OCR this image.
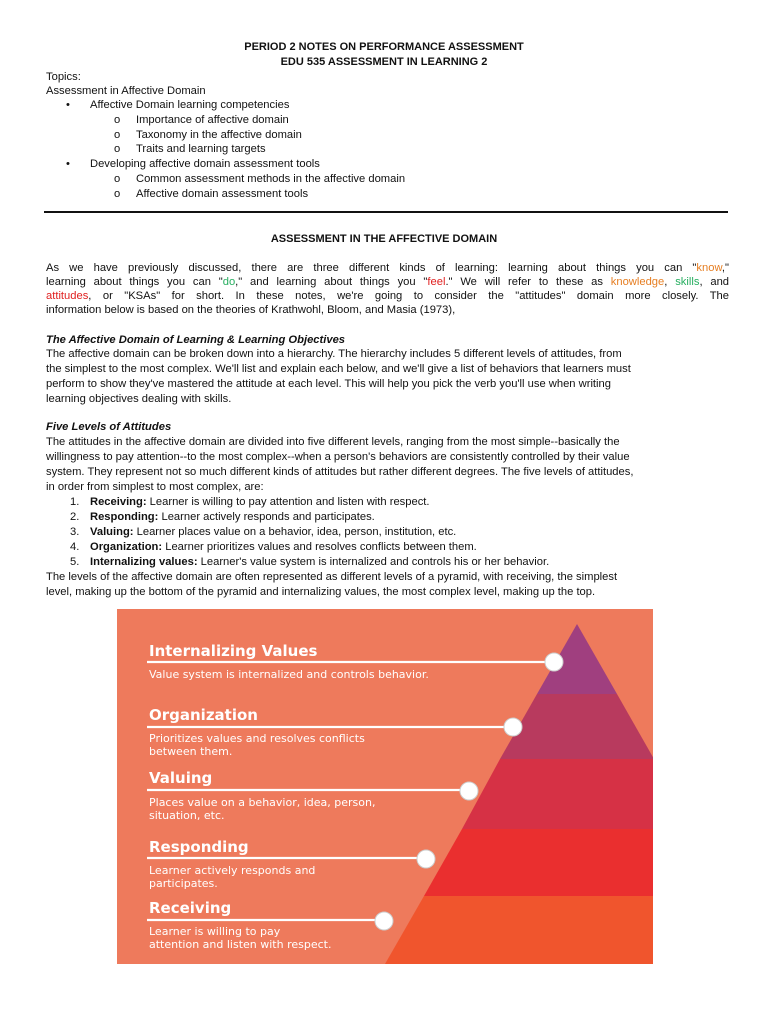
PERIOD 2 NOTES ON PERFORMANCE ASSESSMENT
EDU 535 ASSESSMENT IN LEARNING 2
Topics:
Assessment in Affective Domain
•	Affective Domain learning competencies
o	Importance of affective domain
o	Taxonomy in the affective domain
o	Traits and learning targets
•	Developing affective domain assessment tools
o	Common assessment methods in the affective domain
o	Affective domain assessment tools
ASSESSMENT IN THE AFFECTIVE DOMAIN
As we have previously discussed, there are three different kinds of learning: learning about things you can "know,"
learning about things you can "do," and learning about things you "feel." We will refer to these as knowledge, skills, and
attitudes, or "KSAs" for short. In these notes, we're going to consider the "attitudes" domain more closely. The
information below is based on the theories of Krathwohl, Bloom, and Masia (1973),
The Affective Domain of Learning & Learning Objectives
The affective domain can be broken down into a hierarchy. The hierarchy includes 5 different levels of attitudes, from
the simplest to the most complex. We'll list and explain each below, and we'll give a list of behaviors that learners must
perform to show they've mastered the attitude at each level. This will help you pick the verb you'll use when writing
learning objectives dealing with skills.
Five Levels of Attitudes
The attitudes in the affective domain are divided into five different levels, ranging from the most simple--basically the
willingness to pay attention--to the most complex--when a person's behaviors are consistently controlled by their value
system. They represent not so much different kinds of attitudes but rather different degrees. The five levels of attitudes,
in order from simplest to most complex, are:
1. Receiving: Learner is willing to pay attention and listen with respect.
2. Responding: Learner actively responds and participates.
3. Valuing: Learner places value on a behavior, idea, person, institution, etc.
4. Organization: Learner prioritizes values and resolves conflicts between them.
5. Internalizing values: Learner's value system is internalized and controls his or her behavior.
The levels of the affective domain are often represented as different levels of a pyramid, with receiving, the simplest
level, making up the bottom of the pyramid and internalizing values, the most complex level, making up the top.
Internalizing Values
Value system is internalized and controls behavior.
Organization
Prioritizes values and resolves conflicts
between them.
Valuing
Places value on a behavior, idea, person,
situation, etc.
Responding
Learner actively responds and
participates.
Receiving
Learner is willing to pay
attention and listen with respect.
